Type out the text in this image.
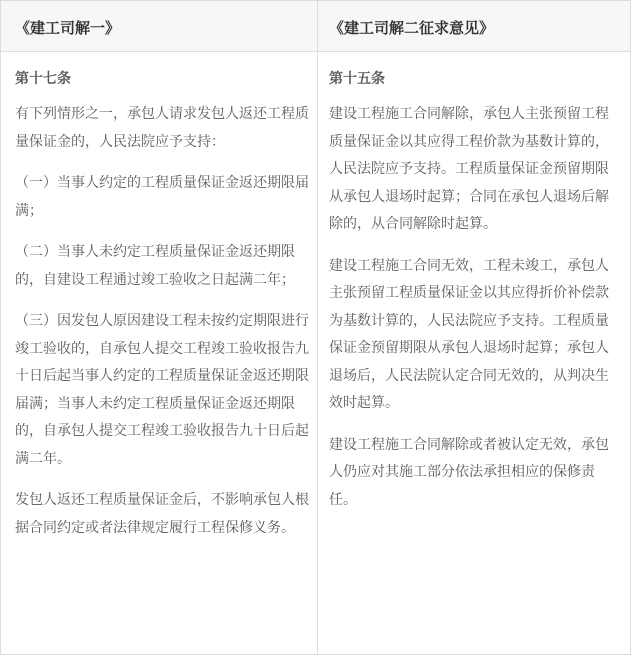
《建工司解一》	《建工司解二征求意见》
第十七条

有下列情形之一，承包人请求发包人返还工程质量保证金的，人民法院应予支持：

（一）当事人约定的工程质量保证金返还期限届满；

（二）当事人未约定工程质量保证金返还期限的，自建设工程通过竣工验收之日起满二年；

（三）因发包人原因建设工程未按约定期限进行竣工验收的，自承包人提交工程竣工验收报告九十日后起当事人约定的工程质量保证金返还期限届满；当事人未约定工程质量保证金返还期限的，自承包人提交工程竣工验收报告九十日后起满二年。

发包人返还工程质量保证金后，不影响承包人根据合同约定或者法律规定履行工程保修义务。

第十五条

建设工程施工合同解除，承包人主张预留工程质量保证金以其应得工程价款为基数计算的，人民法院应予支持。工程质量保证金预留期限从承包人退场时起算；合同在承包人退场后解除的，从合同解除时起算。

建设工程施工合同无效，工程未竣工，承包人主张预留工程质量保证金以其应得折价补偿款为基数计算的，人民法院应予支持。工程质量保证金预留期限从承包人退场时起算；承包人退场后，人民法院认定合同无效的，从判决生效时起算。

建设工程施工合同解除或者被认定无效，承包人仍应对其施工部分依法承担相应的保修责任。
